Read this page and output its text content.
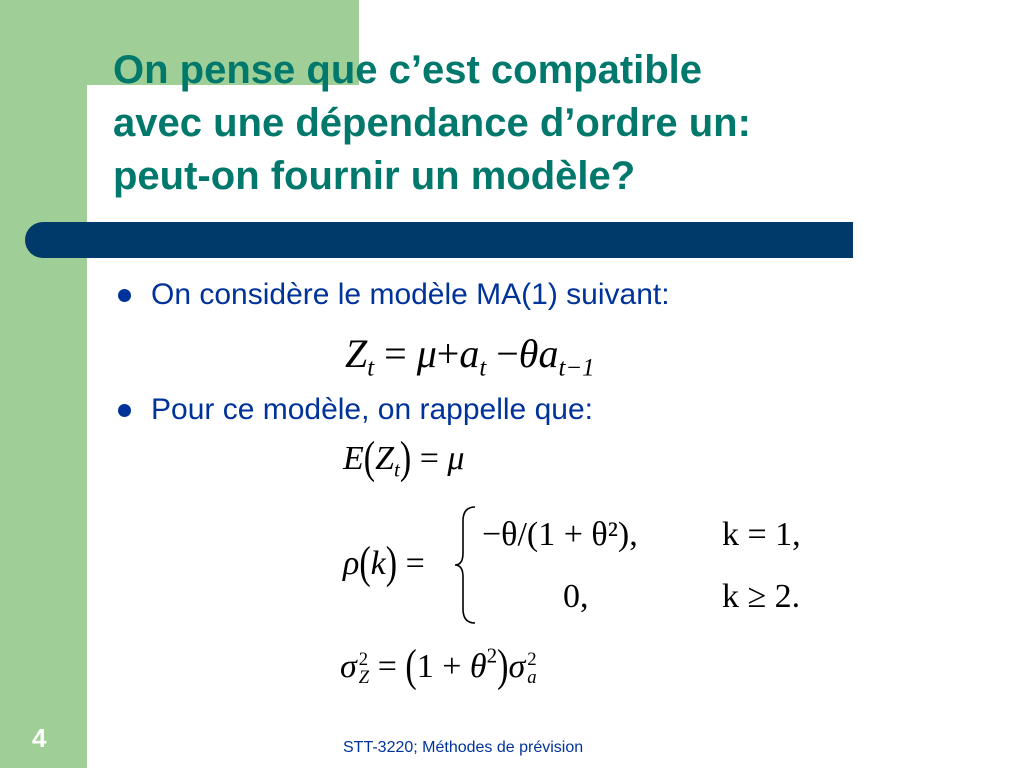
On pense que c’est compatible
avec une dépendance d’ordre un:
peut-on fournir un modèle?
On considère le modèle MA(1) suivant:
$Z_t = \mu+a_t -\theta a_{t-1}$
Pour ce modèle, on rappelle que:
$E(Z_t) = \mu$
ρ(k) =
−θ/(1 + θ²), k = 1,
0,	k ≥ 2.
σ 2
$Z = (1 + \theta^2)\sigma$ 2
a
4	STT-3220; Méthodes de prévision
